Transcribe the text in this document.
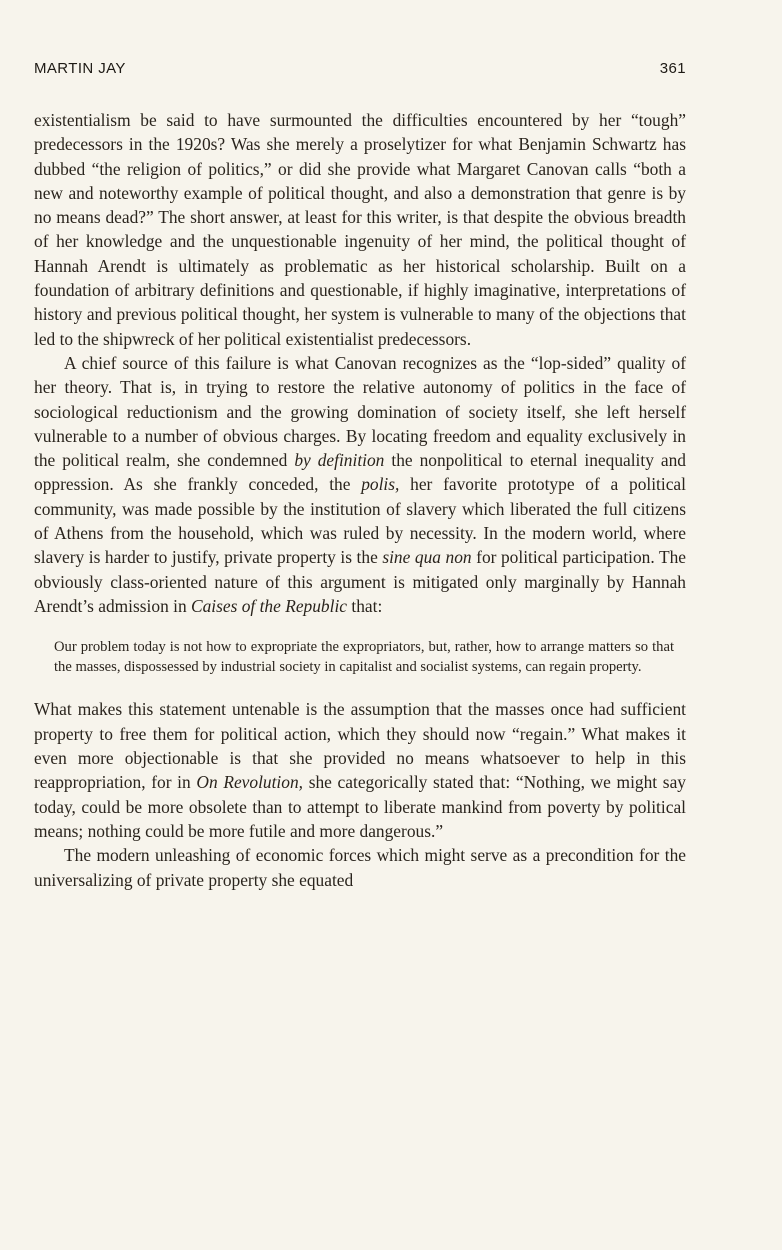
MARTIN JAY	361

existentialism be said to have surmounted the difficulties encountered by her “tough” predecessors in the 1920s? Was she merely a proselytizer for what Benjamin Schwartz has dubbed “the religion of politics,” or did she provide what Margaret Canovan calls “both a new and noteworthy example of political thought, and also a demonstration that genre is by no means dead?” The short answer, at least for this writer, is that despite the obvious breadth of her knowledge and the unquestionable ingenuity of her mind, the political thought of Hannah Arendt is ultimately as problematic as her historical scholarship. Built on a foundation of arbitrary definitions and questionable, if highly imaginative, interpretations of history and previous political thought, her system is vulnerable to many of the objections that led to the shipwreck of her political existentialist predecessors.

A chief source of this failure is what Canovan recognizes as the “lop-sided” quality of her theory. That is, in trying to restore the relative autonomy of politics in the face of sociological reductionism and the growing domination of society itself, she left herself vulnerable to a number of obvious charges. By locating freedom and equality exclusively in the political realm, she condemned by definition the nonpolitical to eternal inequality and oppression. As she frankly conceded, the polis, her favorite prototype of a political community, was made possible by the institution of slavery which liberated the full citizens of Athens from the household, which was ruled by necessity. In the modern world, where slavery is harder to justify, private property is the sine qua non for political participation. The obviously class-oriented nature of this argument is mitigated only marginally by Hannah Arendt’s admission in Caises of the Republic that:

Our problem today is not how to expropriate the expropriators, but, rather, how to arrange matters so that the masses, dispossessed by industrial society in capitalist and socialist systems, can regain property.

What makes this statement untenable is the assumption that the masses once had sufficient property to free them for political action, which they should now “regain.” What makes it even more objectionable is that she provided no means whatsoever to help in this reappropriation, for in On Revolution, she categorically stated that: “Nothing, we might say today, could be more obsolete than to attempt to liberate mankind from poverty by political means; nothing could be more futile and more dangerous.”

The modern unleashing of economic forces which might serve as a precondition for the universalizing of private property she equated
